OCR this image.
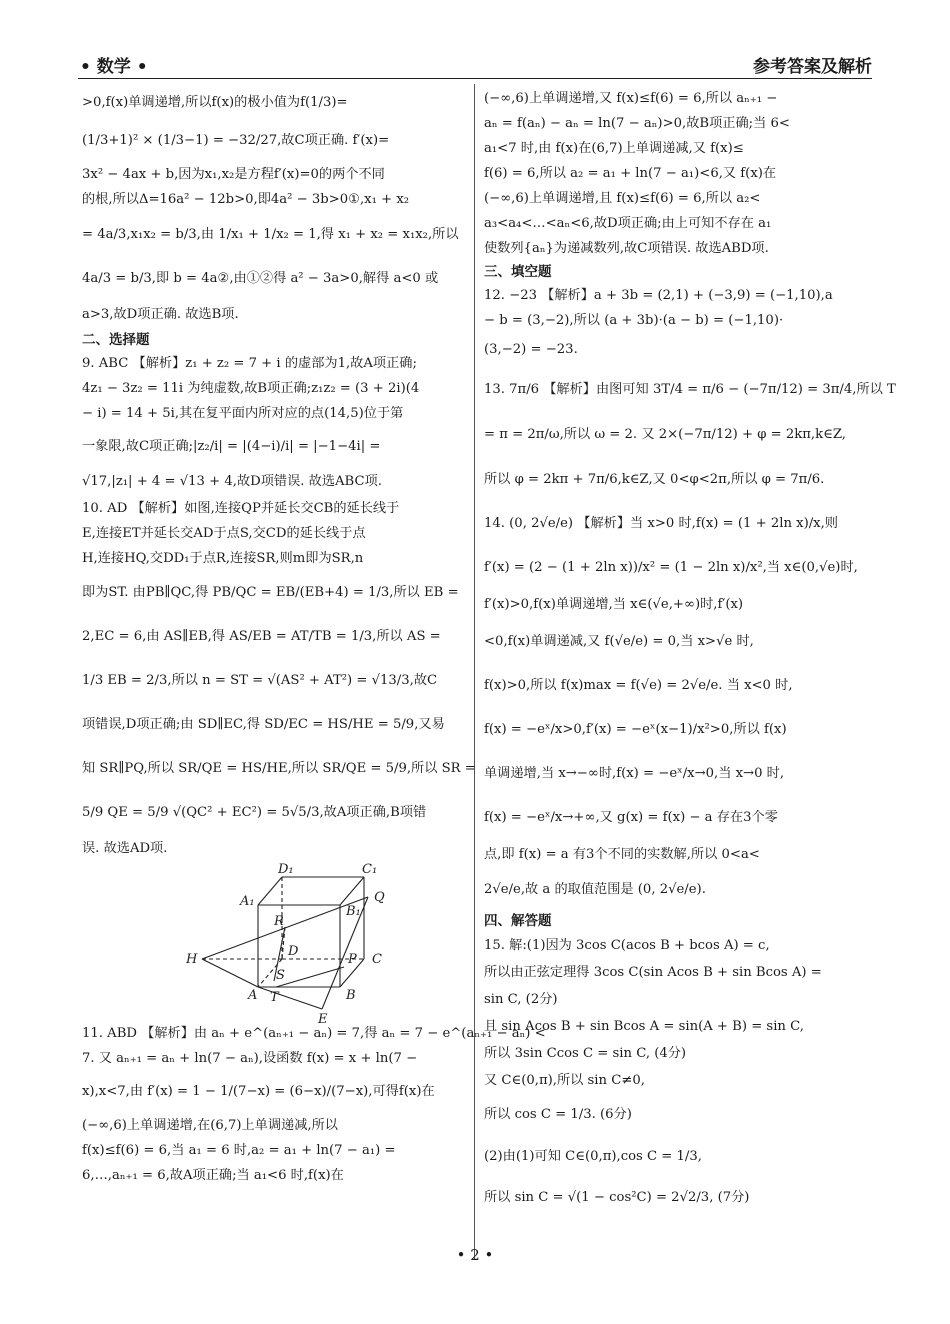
• 数学 •	参考答案及解析
>0,f(x)单调递增,所以f(x)的极小值为f(1/3)=
(1/3+1)² × (1/3−1) = −32/27,故C项正确. f′(x)=
3x² − 4ax + b,因为x₁,x₂是方程f′(x)=0的两个不同
的根,所以Δ=16a² − 12b>0,即4a² − 3b>0①,x₁ + x₂
= 4a/3,x₁x₂ = b/3,由 1/x₁ + 1/x₂ = 1,得 x₁ + x₂ = x₁x₂,所以
4a/3 = b/3,即 b = 4a②,由①②得 a² − 3a>0,解得 a<0 或
a>3,故D项正确. 故选B项.
二、选择题
9. ABC 【解析】z₁ + z₂ = 7 + i 的虚部为1,故A项正确;
4z₁ − 3z₂ = 11i 为纯虚数,故B项正确;z₁z₂ = (3 + 2i)(4
− i) = 14 + 5i,其在复平面内所对应的点(14,5)位于第
一象限,故C项正确;|z₂/i| = |(4−i)/i| = |−1−4i| =
√17,|z₁| + 4 = √13 + 4,故D项错误. 故选ABC项.
10. AD 【解析】如图,连接QP并延长交CB的延长线于
E,连接ET并延长交AD于点S,交CD的延长线于点
H,连接HQ,交DD₁于点R,连接SR,则m即为SR,n
即为ST. 由PB∥QC,得 PB/QC = EB/(EB+4) = 1/3,所以 EB =
2,EC = 6,由 AS∥EB,得 AS/EB = AT/TB = 1/3,所以 AS =
1/3 EB = 2/3,所以 n = ST = √(AS² + AT²) = √13/3,故C
项错误,D项正确;由 SD∥EC,得 SD/EC = HS/HE = 5/9,又易
知 SR∥PQ,所以 SR/QE = HS/HE,所以 SR/QE = 5/9,所以 SR =
5/9 QE = 5/9 √(QC² + EC²) = 5√5/3,故A项正确,B项错
误. 故选AD项.
D₁	C₁
A₁
B₁
Q
R
H
D
C
S
P
A T	B
E
11. ABD 【解析】由 aₙ + e^(aₙ₊₁ − aₙ) = 7,得 aₙ = 7 − e^(aₙ₊₁ − aₙ) <
7. 又 aₙ₊₁ = aₙ + ln(7 − aₙ),设函数 f(x) = x + ln(7 −
x),x<7,由 f′(x) = 1 − 1/(7−x) = (6−x)/(7−x),可得f(x)在
(−∞,6)上单调递增,在(6,7)上单调递减,所以
f(x)≤f(6) = 6,当 a₁ = 6 时,a₂ = a₁ + ln(7 − a₁) =
6,…,aₙ₊₁ = 6,故A项正确;当 a₁<6 时,f(x)在
(−∞,6)上单调递增,又 f(x)≤f(6) = 6,所以 aₙ₊₁ −
aₙ = f(aₙ) − aₙ = ln(7 − aₙ)>0,故B项正确;当 6<
a₁<7 时,由 f(x)在(6,7)上单调递减,又 f(x)≤
f(6) = 6,所以 a₂ = a₁ + ln(7 − a₁)<6,又 f(x)在
(−∞,6)上单调递增,且 f(x)≤f(6) = 6,所以 a₂<
a₃<a₄<…<aₙ<6,故D项正确;由上可知不存在 a₁
使数列{aₙ}为递减数列,故C项错误. 故选ABD项.
三、填空题
12. −23 【解析】a + 3b = (2,1) + (−3,9) = (−1,10),a
− b = (3,−2),所以 (a + 3b)·(a − b) = (−1,10)·
(3,−2) = −23.
13. 7π/6 【解析】由图可知 3T/4 = π/6 − (−7π/12) = 3π/4,所以 T
= π = 2π/ω,所以 ω = 2. 又 2×(−7π/12) + φ = 2kπ,k∈Z,
所以 φ = 2kπ + 7π/6,k∈Z,又 0<φ<2π,所以 φ = 7π/6.
14. (0, 2√e/e) 【解析】当 x>0 时,f(x) = (1 + 2ln x)/x,则
f′(x) = (2 − (1 + 2ln x))/x² = (1 − 2ln x)/x²,当 x∈(0,√e)时,
f′(x)>0,f(x)单调递增,当 x∈(√e,+∞)时,f′(x)
<0,f(x)单调递减,又 f(√e/e) = 0,当 x>√e 时,
f(x)>0,所以 f(x)max = f(√e) = 2√e/e. 当 x<0 时,
f(x) = −eˣ/x>0,f′(x) = −eˣ(x−1)/x²>0,所以 f(x)
单调递增,当 x→−∞时,f(x) = −eˣ/x→0,当 x→0 时,
f(x) = −eˣ/x→+∞,又 g(x) = f(x) − a 存在3个零
点,即 f(x) = a 有3个不同的实数解,所以 0<a<
2√e/e,故 a 的取值范围是 (0, 2√e/e).
四、解答题
15. 解:(1)因为 3cos C(acos B + bcos A) = c,
所以由正弦定理得 3cos C(sin Acos B + sin Bcos A) =
sin C, (2分)
且 sin Acos B + sin Bcos A = sin(A + B) = sin C,
所以 3sin Ccos C = sin C, (4分)
又 C∈(0,π),所以 sin C≠0,
所以 cos C = 1/3. (6分)
(2)由(1)可知 C∈(0,π),cos C = 1/3,
所以 sin C = √(1 − cos²C) = 2√2/3, (7分)
• 2 •
